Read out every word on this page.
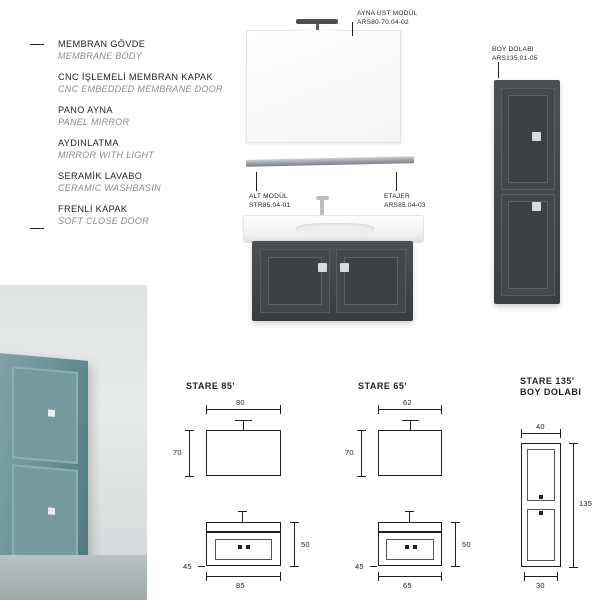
MEMBRAN GÖVDE
MEMBRANE BODY
CNC İŞLEMELİ MEMBRAN KAPAK
CNC EMBEDDED MEMBRANE DOOR
PANO AYNA
PANEL MIRROR
AYDINLATMA
MIRROR WITH LIGHT
SERAMİK LAVABO
CERAMIC WASHBASIN
FRENLİ KAPAK
SOFT CLOSE DOOR
AYNA ÜST MODÜL
ARS80-70.04-02
ETAJER
ARS85.04-03
ALT MODÜL
STR85.04-01
BOY DOLABI
ARS135.01-05
STARE 85'
80
70
50
45
85
STARE 65'
62
70
50
45
65
STARE 135'
BOY DOLABI
40
135
30
